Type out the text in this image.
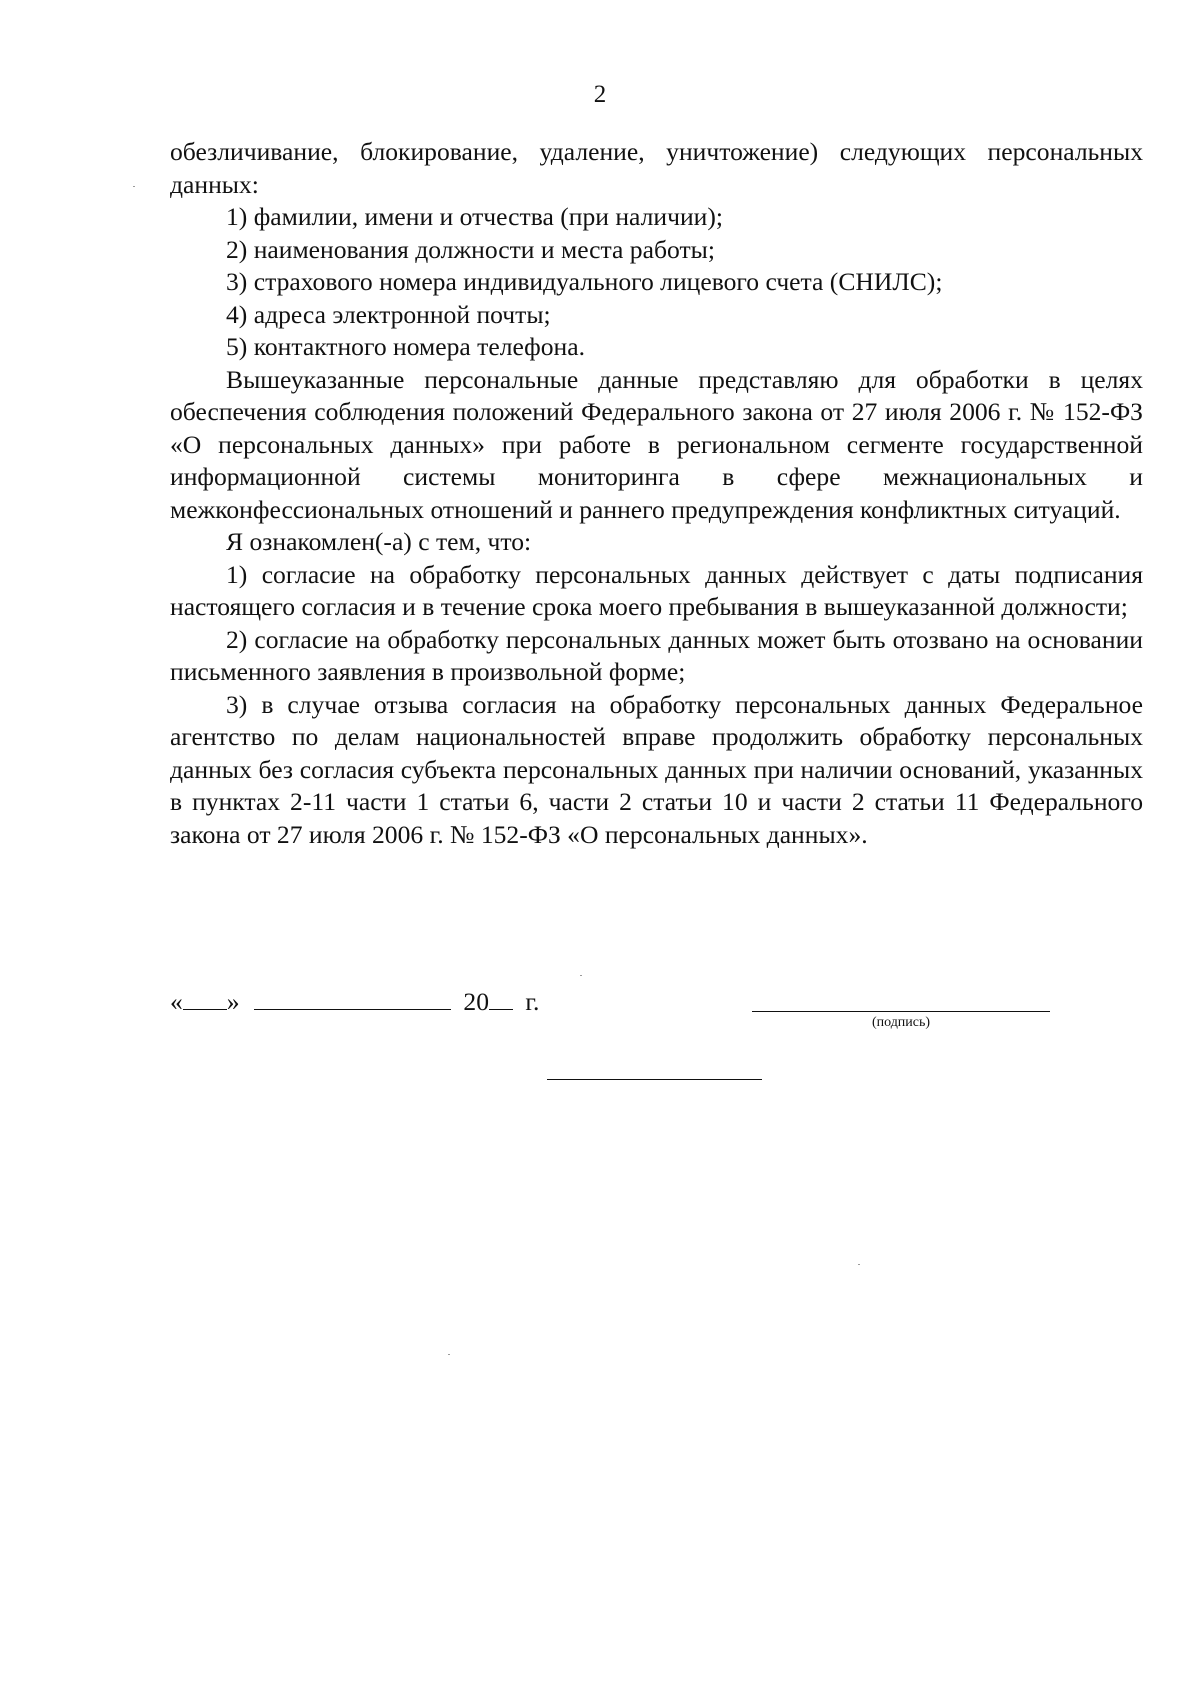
2

обезличивание, блокирование, удаление, уничтожение) следующих персональных данных:

1) фамилии, имени и отчества (при наличии);

2) наименования должности и места работы;

3) страхового номера индивидуального лицевого счета (СНИЛС);

4) адреса электронной почты;

5) контактного номера телефона.

Вышеуказанные персональные данные представляю для обработки в целях обеспечения соблюдения положений Федерального закона от 27 июля 2006 г. № 152-ФЗ «О персональных данных» при работе в региональном сегменте государственной информационной системы мониторинга в сфере межнациональных и межконфессиональных отношений и раннего предупреждения конфликтных ситуаций.

Я ознакомлен(-а) с тем, что:

1) согласие на обработку персональных данных действует с даты подписания настоящего согласия и в течение срока моего пребывания в вышеуказанной должности;

2) согласие на обработку персональных данных может быть отозвано на основании письменного заявления в произвольной форме;

3) в случае отзыва согласия на обработку персональных данных Федеральное агентство по делам национальностей вправе продолжить обработку персональных данных без согласия субъекта персональных данных при наличии оснований, указанных в пунктах 2-11 части 1 статьи 6, части 2 статьи 10 и части 2 статьи 11 Федерального закона от 27 июля 2006 г. № 152-ФЗ «О персональных данных».

« »	20 г.
(подпись)
